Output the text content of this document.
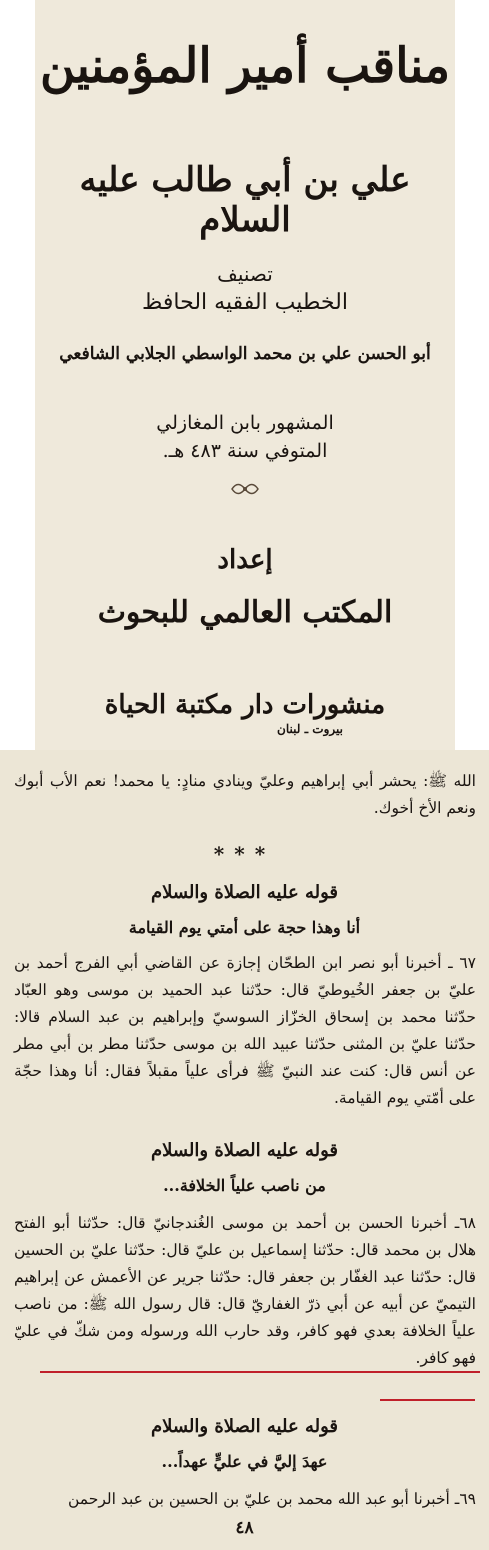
مناقب أمير المؤمنين
علي بن أبي طالب عليه السلام
تصنيف
الخطيب الفقيه الحافظ
أبو الحسن علي بن محمد الواسطي الجلابي الشافعي
المشهور بابن المغازلي
المتوفي سنة ٤٨٣ هـ.
إعداد
المكتب العالمي للبحوث
منشورات دار مكتبة الحياة
بيروت ـ لبنان
الله ﷺ: يحشر أبي إبراهيم وعليّ وينادي منادٍ: يا محمد! نعم الأب أبوك ونعم الأخ أخوك.
***
قوله عليه الصلاة والسلام
أنا وهذا حجة على أمتي يوم القيامة
٦٧ ـ أخبرنا أبو نصر ابن الطحّان إجازة عن القاضي أبي الفرج أحمد بن عليّ بن جعفر الخُيوطيّ قال: حدّثنا عبد الحميد بن موسى وهو العبّاد حدّثنا محمد بن إسحاق الخزّاز السوسيّ وإبراهيم بن عبد السلام قالا: حدّثنا عليّ بن المثنى حدّثنا عبيد الله بن موسى حدّثنا مطر بن أبي مطر عن أنس قال: كنت عند النبيّ ﷺ فرأى علياً مقبلاً فقال: أنا وهذا حجّة على أمّتي يوم القيامة.
قوله عليه الصلاة والسلام
من ناصب علياً الخلافة...
٦٨ـ أخبرنا الحسن بن أحمد بن موسى الغُندجانيّ قال: حدّثنا أبو الفتح هلال بن محمد قال: حدّثنا إسماعيل بن عليّ قال: حدّثنا عليّ بن الحسين قال: حدّثنا عبد الغفّار بن جعفر قال: حدّثنا جرير عن الأعمش عن إبراهيم التيميّ عن أبيه عن أبي ذرّ الغفاريّ قال: قال رسول الله ﷺ: من ناصب علياً الخلافة بعدي فهو كافر، وقد حارب الله ورسوله ومن شكّ في عليّ فهو كافر.
قوله عليه الصلاة والسلام
عهدَ إليَّ في عليٍّ عهداً...
٦٩ـ أخبرنا أبو عبد الله محمد بن عليّ بن الحسين بن عبد الرحمن
٤٨
